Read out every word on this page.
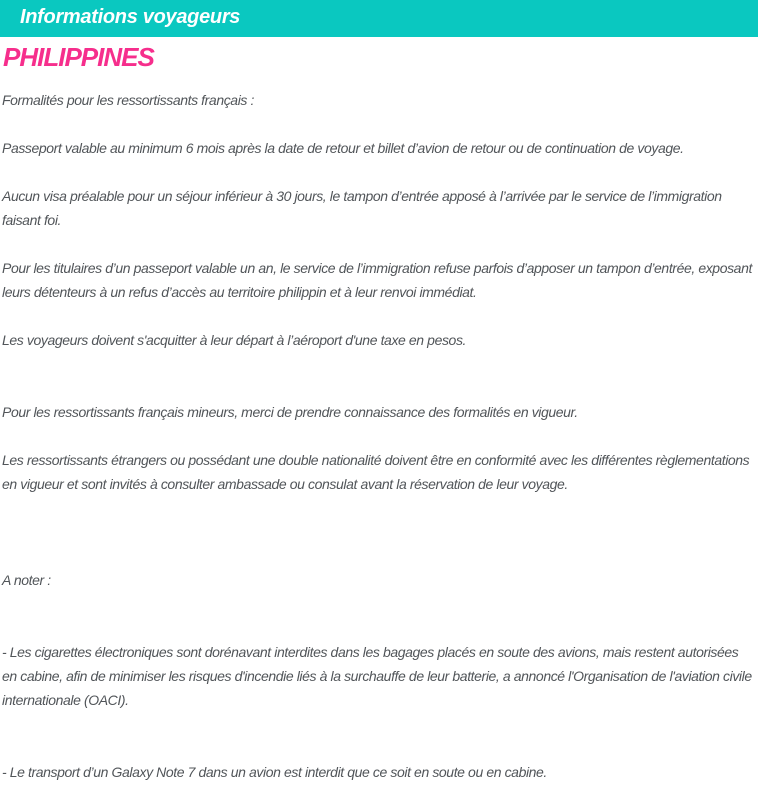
Informations voyageurs
PHILIPPINES

Formalités pour les ressortissants français :

Passeport valable au minimum 6 mois après la date de retour et billet d’avion de retour ou de continuation de voyage.

Aucun visa préalable pour un séjour inférieur à 30 jours, le tampon d’entrée apposé à l’arrivée par le service de l’immigration faisant foi.

Pour les titulaires d’un passeport valable un an, le service de l’immigration refuse parfois d’apposer un tampon d’entrée, exposant leurs détenteurs à un refus d’accès au territoire philippin et à leur renvoi immédiat.

Les voyageurs doivent s'acquitter à leur départ à l’aéroport d'une taxe en pesos.

Pour les ressortissants français mineurs, merci de prendre connaissance des formalités en vigueur.

Les ressortissants étrangers ou possédant une double nationalité doivent être en conformité avec les différentes règlementations en vigueur et sont invités à consulter ambassade ou consulat avant la réservation de leur voyage.

A noter :

- Les cigarettes électroniques sont dorénavant interdites dans les bagages placés en soute des avions, mais restent autorisées en cabine, afin de minimiser les risques d'incendie liés à la surchauffe de leur batterie, a annoncé l'Organisation de l'aviation civile internationale (OACI).

- Le transport d’un Galaxy Note 7 dans un avion est interdit que ce soit en soute ou en cabine.
